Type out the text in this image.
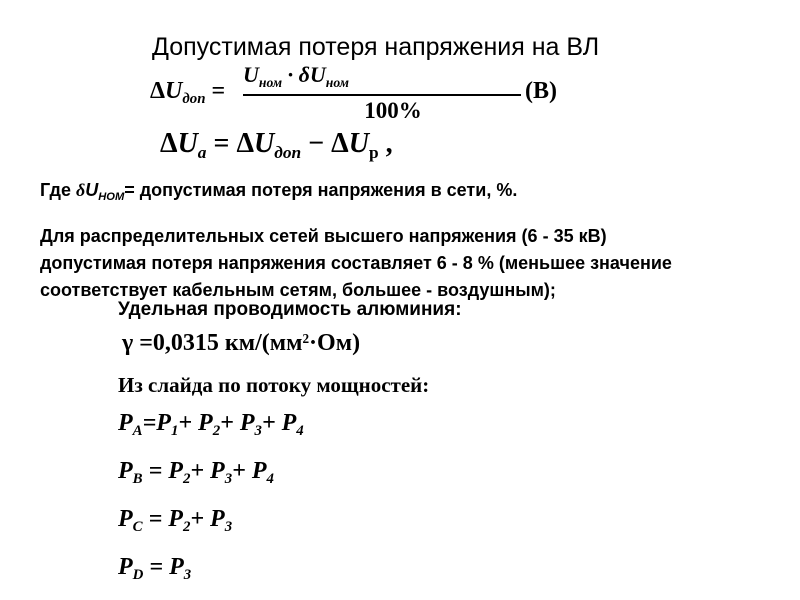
Допустимая потеря напряжения на ВЛ
$\Delta U_{доп}$ =
$U_{ном} \cdot \delta U_{ном}$
100%
(В)
$\Delta U_a = \Delta U_{доп} - \Delta U_р$ ,
Где $\delta U_{НОМ}=$ допустимая потеря напряжения в сети, %.
Для распределительных сетей высшего напряжения (6 - 35 кВ)
допустимая потеря напряжения составляет 6 - 8 % (меньшее значение
соответствует кабельным сетям, большее - воздушным);
Удельная проводимость алюминия:
γ =0,0315 $км/(мм^2\cdot Ом)$
Из слайда по потоку мощностей:
$P_A=P_1+ P_2+ P_3+ P_4$
$P_B = P_2+ P_3+ P_4$
$P_C = P_2+ P_3$
$P_D = P_3$
